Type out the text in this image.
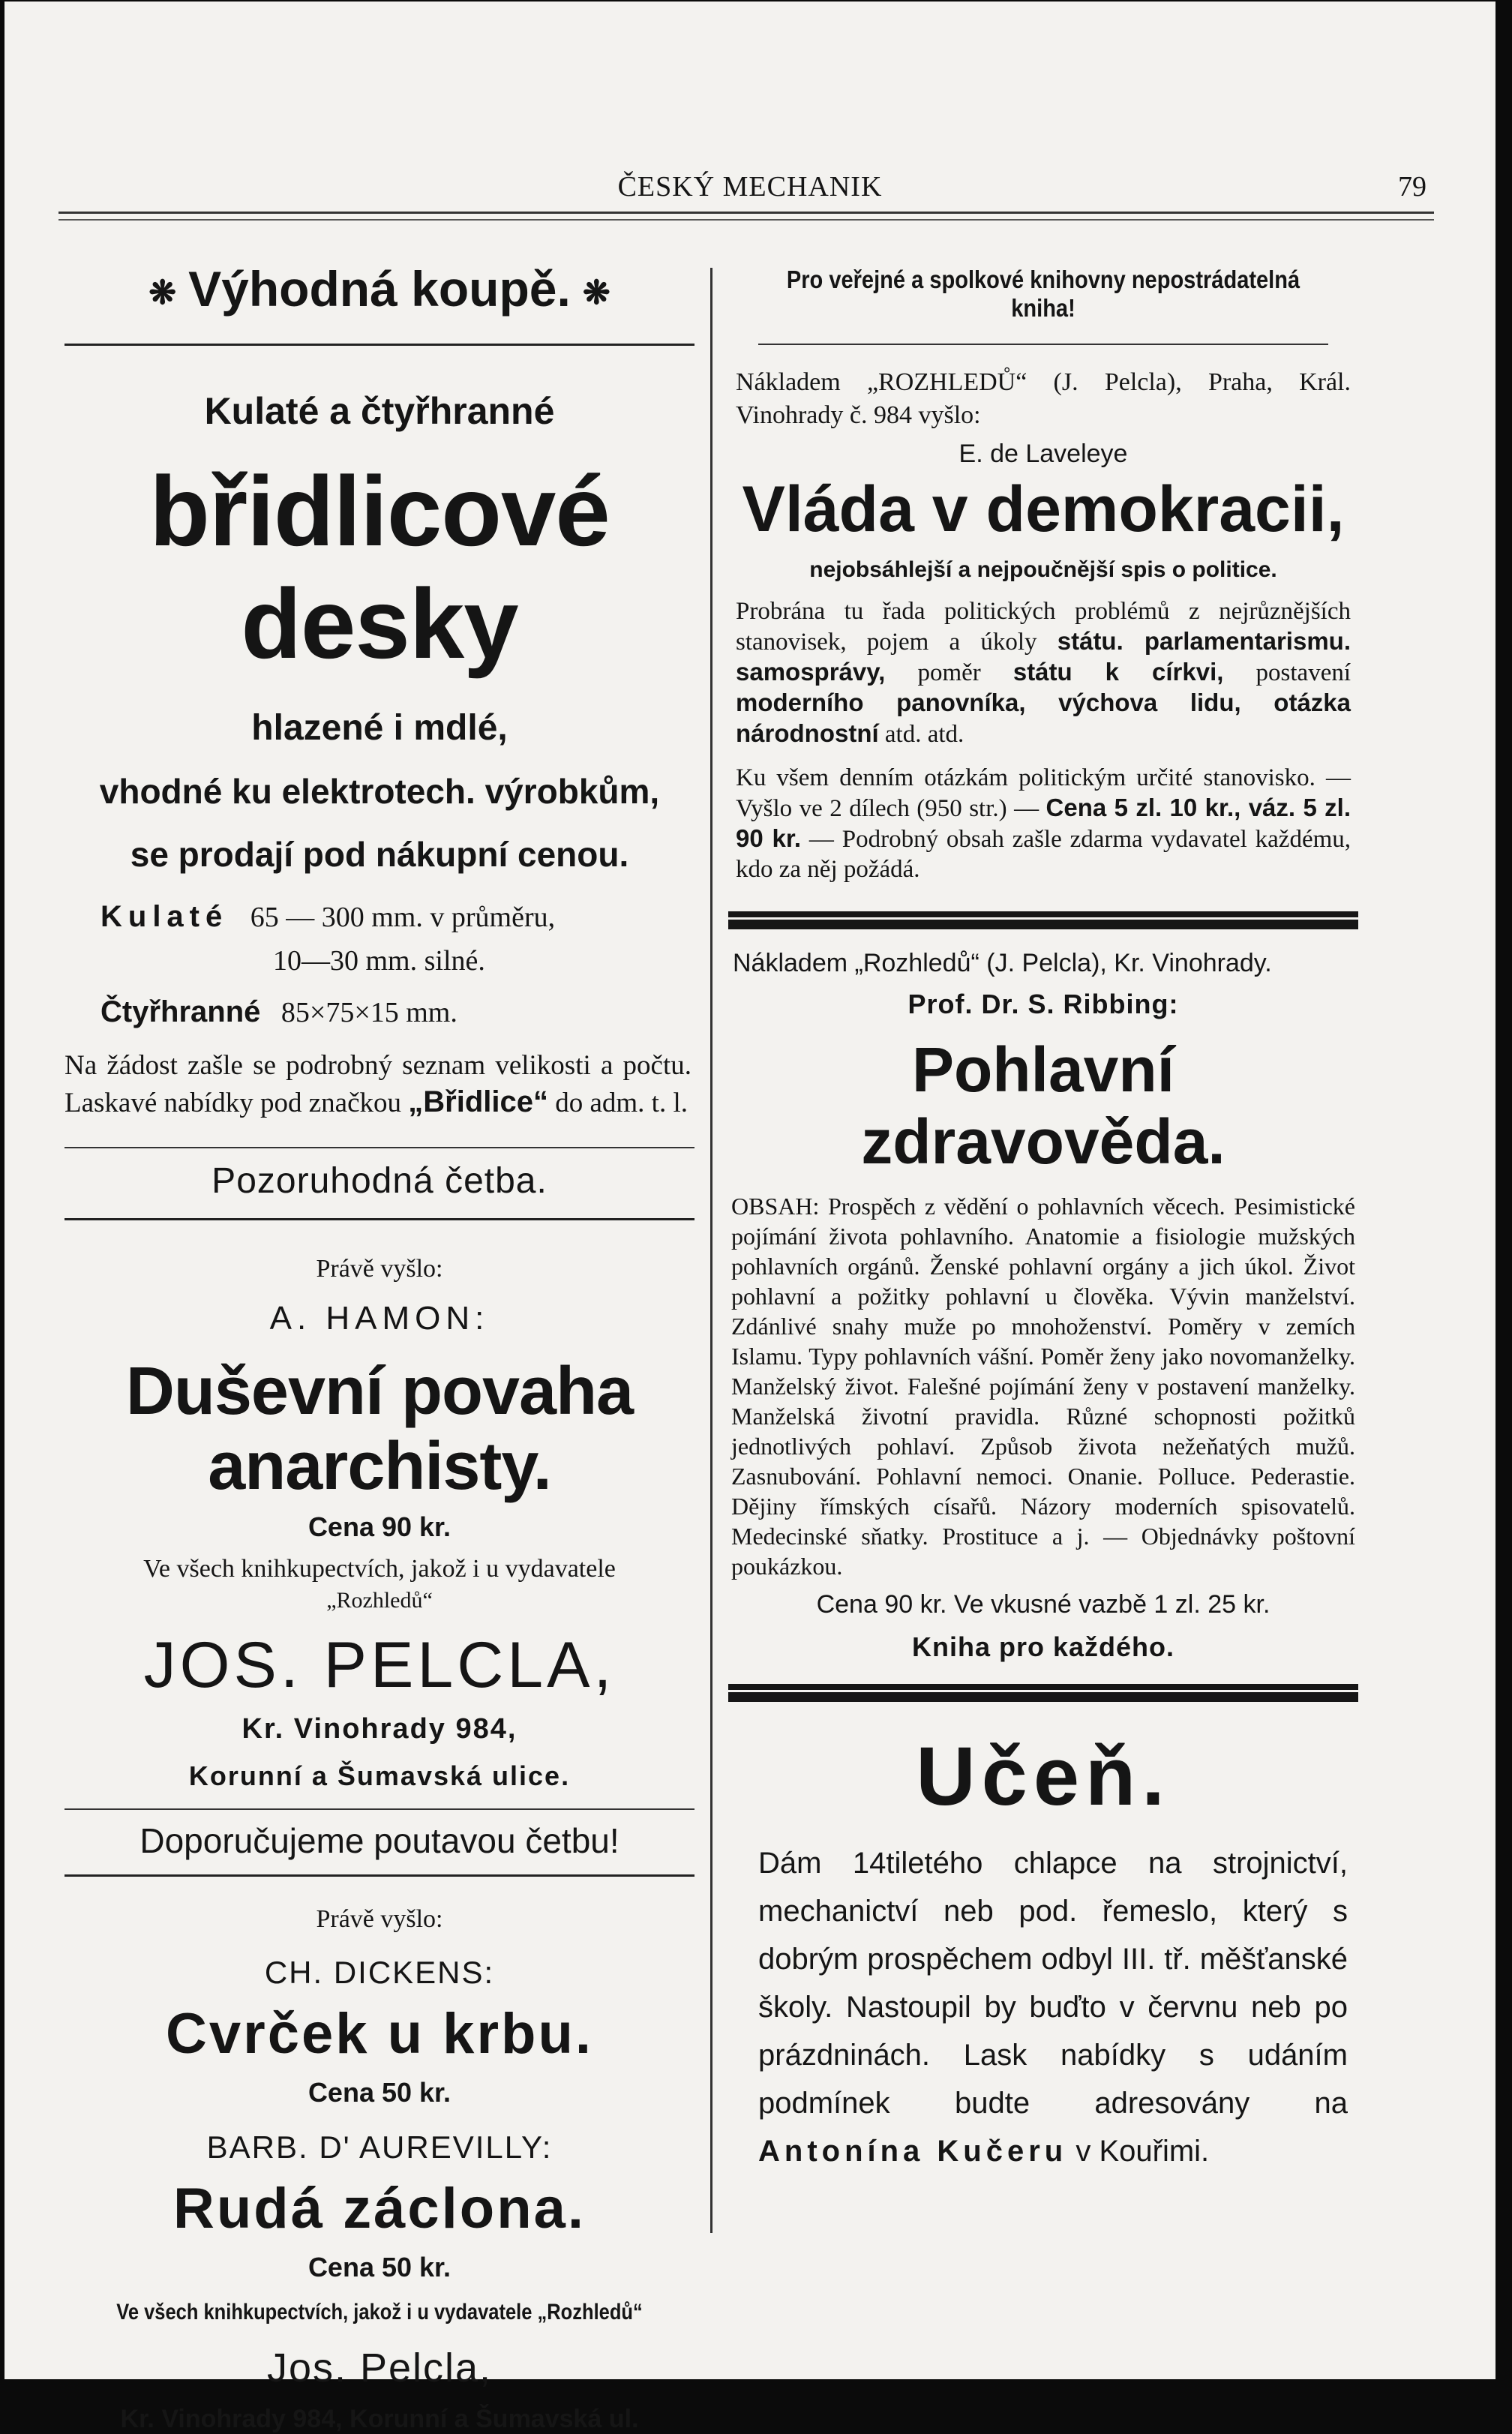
ČESKÝ MECHANIK	79
❋ Výhodná koupě. ❋
Kulaté a čtyřhranné
břidlicové desky
hlazené i mdlé,
vhodné ku elektrotech. výrobkům,
se prodají pod nákupní cenou.
Kulaté 65 — 300 mm. v průměru,
10—30 mm. silné.
Čtyřhranné 85×75×15 mm.
Na žádost zašle se podrobný seznam velikosti a počtu. Laskavé nabídky pod značkou „Břidlice“ do adm. t. l.
Pozoruhodná četba.
Právě vyšlo:
A. HAMON:
Duševní povaha anarchisty.
Cena 90 kr.
Ve všech knihkupectvích, jakož i u vydavatele
„Rozhledů“
JOS. PELCLA,
Kr. Vinohrady 984,
Korunní a Šumavská ulice.
Doporučujeme poutavou četbu!
Právě vyšlo:
CH. DICKENS:
Cvrček u krbu.
Cena 50 kr.
BARB. D' AUREVILLY:
Rudá záclona.
Cena 50 kr.
Ve všech knihkupectvích, jakož i u vydavatele „Rozhledů“
Jos. Pelcla,
Kr. Vinohrady 984, Korunní a Šumavská ul.
Pro veřejné a spolkové knihovny nepostrádatelná kniha!
Nákladem „ROZHLEDŮ“ (J. Pelcla), Praha, Král. Vinohrady č. 984 vyšlo:
E. de Laveleye
Vláda v demokracii,
nejobsáhlejší a nejpoučnější spis o politice.
Probrána tu řada politických problémů z nejrůznějších stanovisek, pojem a úkoly státu. parlamentarismu. samosprávy, poměr státu k církvi, postavení moderního panovníka, výchova lidu, otázka národnostní atd. atd.
Ku všem denním otázkám politickým určité stanovisko. — Vyšlo ve 2 dílech (950 str.) — Cena 5 zl. 10 kr., váz. 5 zl. 90 kr. — Podrobný obsah zašle zdarma vydavatel každému, kdo za něj požádá.
Nákladem „Rozhledů“ (J. Pelcla), Kr. Vinohrady.
Prof. Dr. S. Ribbing:
Pohlavní zdravověda.
OBSAH: Prospěch z vědění o pohlavních věcech. Pesimistické pojímání života pohlavního. Anatomie a fisiologie mužských pohlavních orgánů. Ženské pohlavní orgány a jich úkol. Život pohlavní a požitky pohlavní u člověka. Vývin manželství. Zdánlivé snahy muže po mnohoženství. Poměry v zemích Islamu. Typy pohlavních vášní. Poměr ženy jako novomanželky. Manželský život. Falešné pojímání ženy v postavení manželky. Manželská životní pravidla. Různé schopnosti požitků jednotlivých pohlaví. Způsob života nežeňatých mužů. Zasnubování. Pohlavní nemoci. Onanie. Polluce. Pederastie. Dějiny římských císařů. Názory moderních spisovatelů. Medecinské sňatky. Prostituce a j. — Objednávky poštovní poukázkou.
Cena 90 kr. Ve vkusné vazbě 1 zl. 25 kr.
Kniha pro každého.
Učeň.
Dám 14tiletého chlapce na strojnictví, mechanictví neb pod. řemeslo, který s dobrým prospěchem odbyl III. tř. měšťanské školy. Nastoupil by buďto v červnu neb po prázdninách. Lask nabídky s udáním podmínek budte adresovány na Antonína Kučeru v Kouřimi.
